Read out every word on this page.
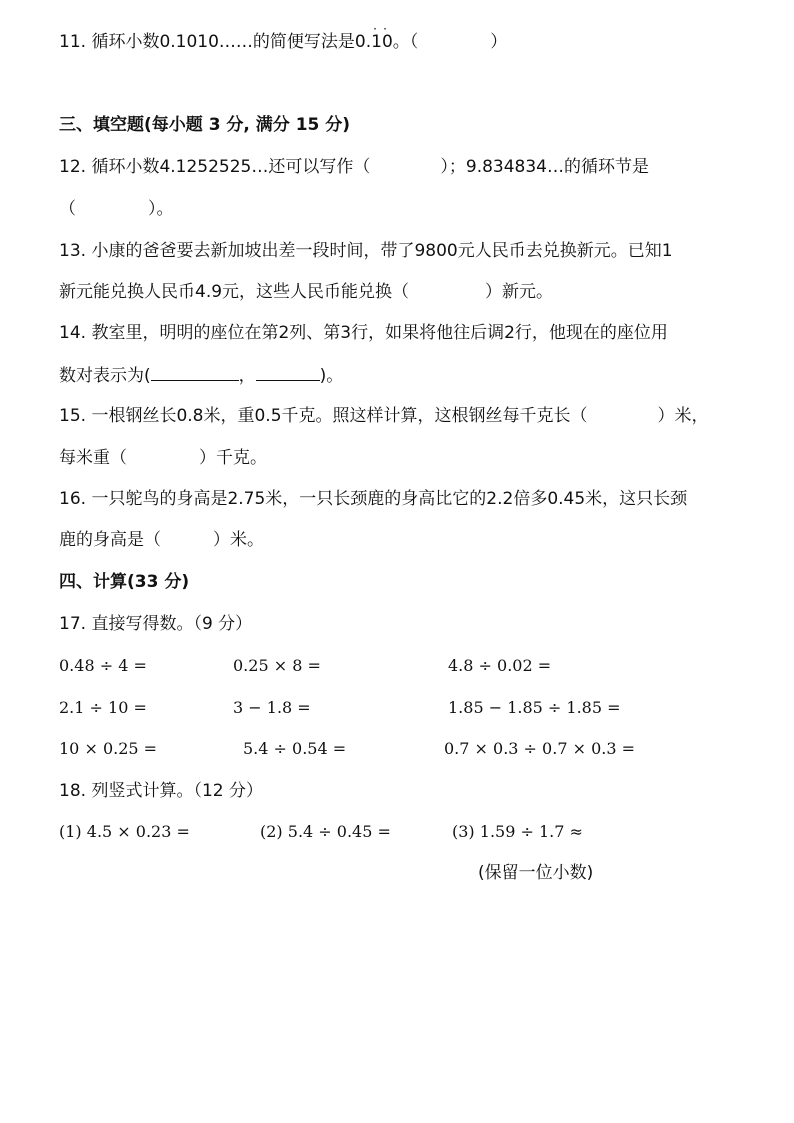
11. 循环小数0.1010……的简便写法是0.10
· ·
。（	）
三、填空题(每小题 3 分, 满分 15 分)
12. 循环小数4.1252525…还可以写作（	）；9.834834…的循环节是
（	）。
13. 小康的爸爸要去新加坡出差一段时间，带了9800元人民币去兑换新元。已知1
新元能兑换人民币4.9元，这些人民币能兑换（	）新元。
14. 教室里，明明的座位在第2列、第3行，如果将他往后调2行，他现在的座位用
数对表示为(	，	)。
15. 一根钢丝长0.8米，重0.5千克。照这样计算，这根钢丝每千克长（	）米，
每米重（	）千克。
16. 一只鸵鸟的身高是2.75米，一只长颈鹿的身高比它的2.2倍多0.45米，这只长颈
鹿的身高是（	）米。
四、计算(33 分)
17. 直接写得数。（9 分）
0.48 ÷ 4 =	0.25 × 8 =	4.8 ÷ 0.02 =
2.1 ÷ 10 =	3 − 1.8 =	1.85 − 1.85 ÷ 1.85 =
10 × 0.25 =	5.4 ÷ 0.54 =	0.7 × 0.3 ÷ 0.7 × 0.3 =
18. 列竖式计算。（12 分）
(1) 4.5 × 0.23 =	(2) 5.4 ÷ 0.45 =	(3) 1.59 ÷ 1.7 ≈
(保留一位小数)
